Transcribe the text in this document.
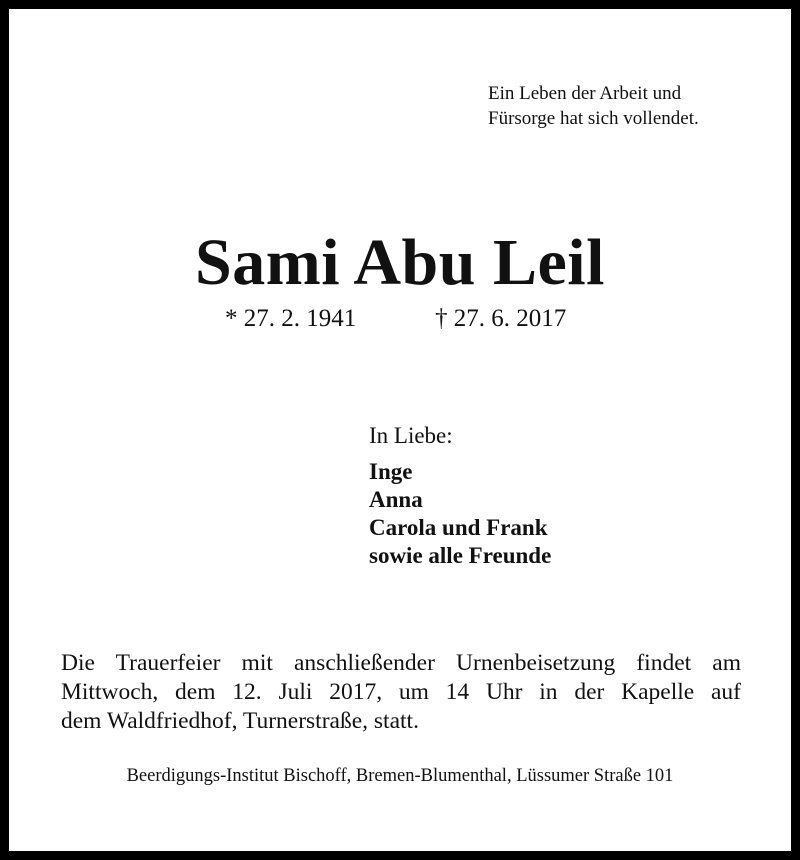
Ein Leben der Arbeit und
Fürsorge hat sich vollendet.
Sami Abu Leil
* 27. 2. 1941	† 27. 6. 2017
In Liebe:
Inge
Anna
Carola und Frank
sowie alle Freunde
Die Trauerfeier mit anschließender Urnenbeisetzung findet am
Mittwoch, dem 12. Juli 2017, um 14 Uhr in der Kapelle auf
dem Waldfriedhof, Turnerstraße, statt.
Beerdigungs-Institut Bischoff, Bremen-Blumenthal, Lüssumer Straße 101
